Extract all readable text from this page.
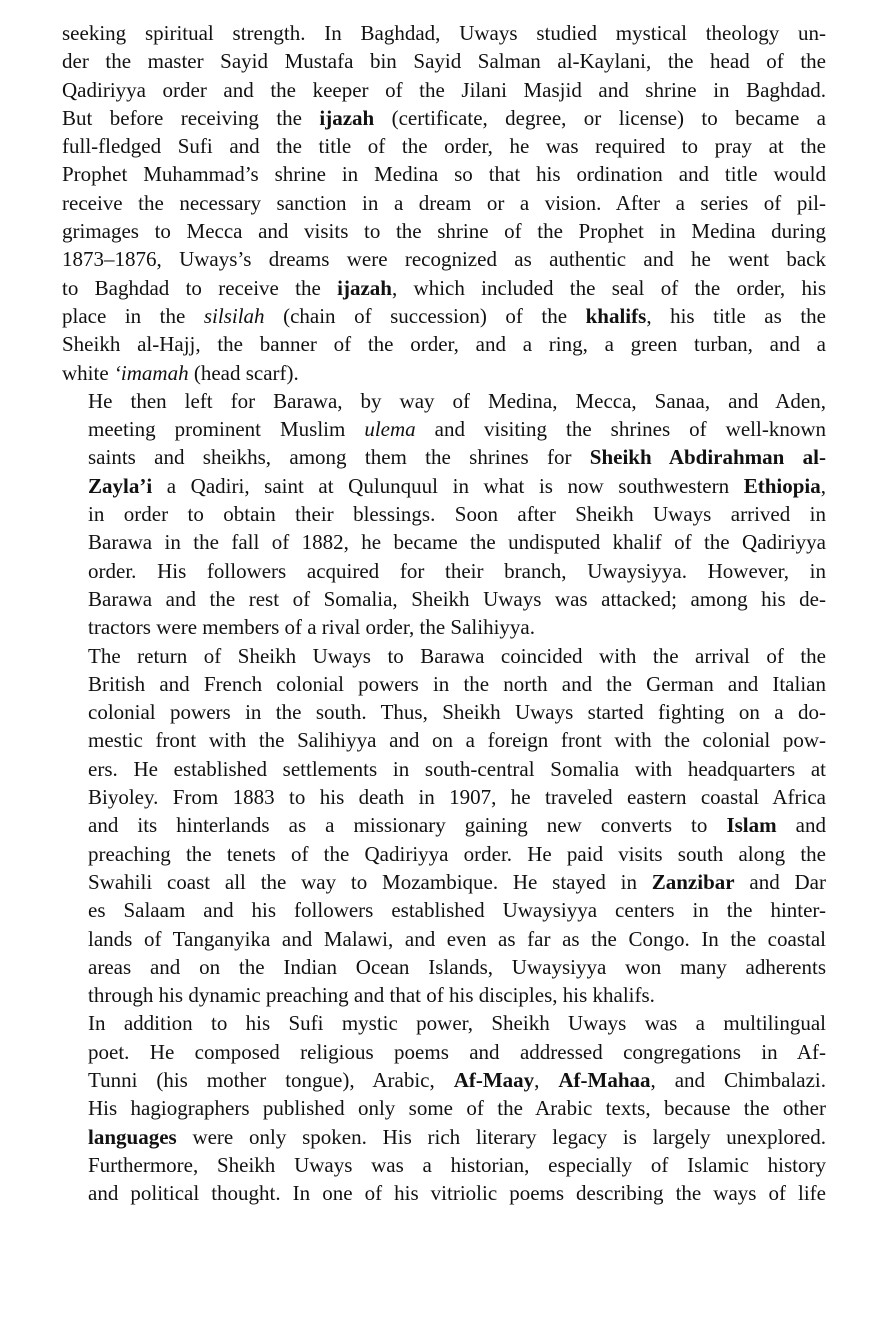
seeking spiritual strength. In Baghdad, Uways studied mystical theology un-
der the master Sayid Mustafa bin Sayid Salman al-Kaylani, the head of the
Qadiriyya order and the keeper of the Jilani Masjid and shrine in Baghdad.
But before receiving the ijazah (certificate, degree, or license) to became a
full-fledged Sufi and the title of the order, he was required to pray at the
Prophet Muhammad’s shrine in Medina so that his ordination and title would
receive the necessary sanction in a dream or a vision. After a series of pil-
grimages to Mecca and visits to the shrine of the Prophet in Medina during
1873–1876, Uways’s dreams were recognized as authentic and he went back
to Baghdad to receive the ijazah, which included the seal of the order, his
place in the silsilah (chain of succession) of the khalifs, his title as the
Sheikh al-Hajj, the banner of the order, and a ring, a green turban, and a
white ‘imamah (head scarf).

He then left for Barawa, by way of Medina, Mecca, Sanaa, and Aden,
meeting prominent Muslim ulema and visiting the shrines of well-known
saints and sheikhs, among them the shrines for Sheikh Abdirahman al-
Zayla’i a Qadiri, saint at Qulunquul in what is now southwestern Ethiopia,
in order to obtain their blessings. Soon after Sheikh Uways arrived in
Barawa in the fall of 1882, he became the undisputed khalif of the Qadiriyya
order. His followers acquired for their branch, Uwaysiyya. However, in
Barawa and the rest of Somalia, Sheikh Uways was attacked; among his de-
tractors were members of a rival order, the Salihiyya.

The return of Sheikh Uways to Barawa coincided with the arrival of the
British and French colonial powers in the north and the German and Italian
colonial powers in the south. Thus, Sheikh Uways started fighting on a do-
mestic front with the Salihiyya and on a foreign front with the colonial pow-
ers. He established settlements in south-central Somalia with headquarters at
Biyoley. From 1883 to his death in 1907, he traveled eastern coastal Africa
and its hinterlands as a missionary gaining new converts to Islam and
preaching the tenets of the Qadiriyya order. He paid visits south along the
Swahili coast all the way to Mozambique. He stayed in Zanzibar and Dar
es Salaam and his followers established Uwaysiyya centers in the hinter-
lands of Tanganyika and Malawi, and even as far as the Congo. In the coastal
areas and on the Indian Ocean Islands, Uwaysiyya won many adherents
through his dynamic preaching and that of his disciples, his khalifs.

In addition to his Sufi mystic power, Sheikh Uways was a multilingual
poet. He composed religious poems and addressed congregations in Af-
Tunni (his mother tongue), Arabic, Af-Maay, Af-Mahaa, and Chimbalazi.
His hagiographers published only some of the Arabic texts, because the other
languages were only spoken. His rich literary legacy is largely unexplored.
Furthermore, Sheikh Uways was a historian, especially of Islamic history
and political thought. In one of his vitriolic poems describing the ways of life
